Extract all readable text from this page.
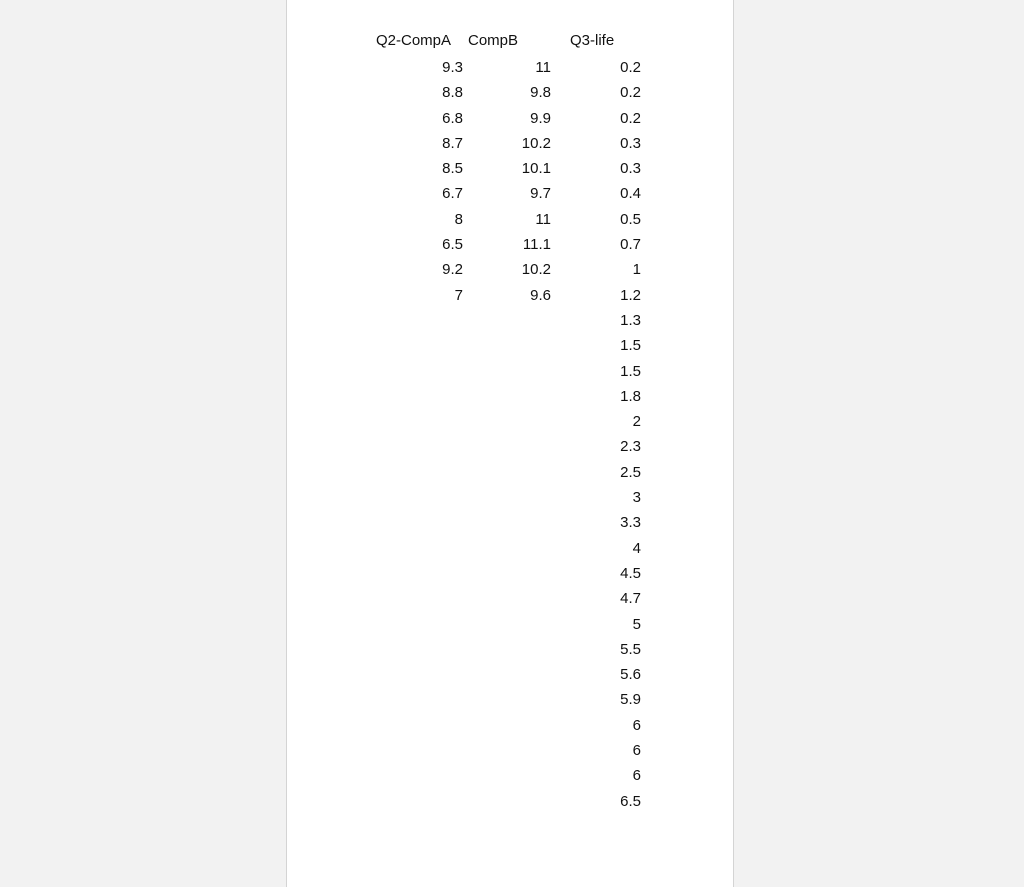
Q2-CompA CompB	Q3-life
9.3
8.8
6.8
8.7
8.5
6.7
8
6.5
9.2
7
11
9.8
9.9
10.2
10.1
9.7
11
11.1
10.2
9.6
0.2
0.2
0.2
0.3
0.3
0.4
0.5
0.7
1
1.2
1.3
1.5
1.5
1.8
2
2.3
2.5
3
3.3
4
4.5
4.7
5
5.5
5.6
5.9
6
6
6
6.5
